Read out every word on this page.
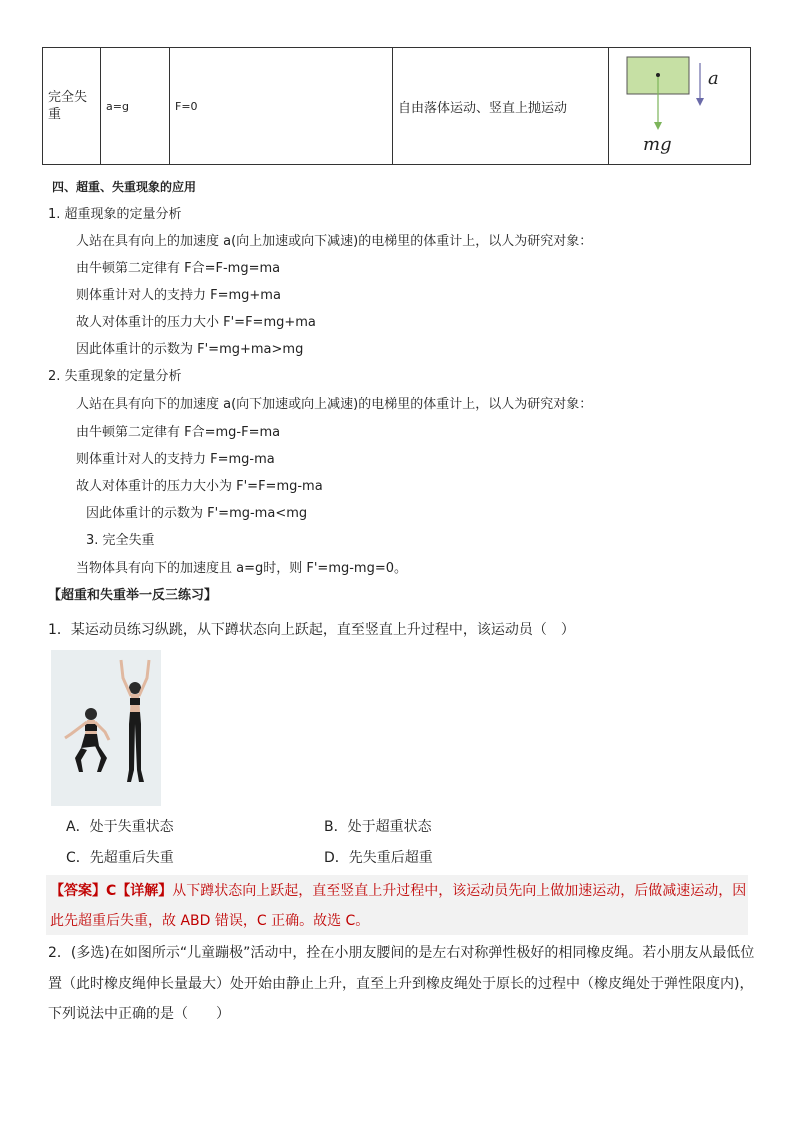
完全失重	a=g	F=0	自由落体运动、竖直上抛运动	
a
mg
四、超重、失重现象的应用
1. 超重现象的定量分析
人站在具有向上的加速度 a(向上加速或向下减速)的电梯里的体重计上，以人为研究对象：
由牛顿第二定律有 F合=F-mg=ma
则体重计对人的支持力 F=mg+ma
故人对体重计的压力大小 F'=F=mg+ma
因此体重计的示数为 F'=mg+ma>mg
2. 失重现象的定量分析
人站在具有向下的加速度 a(向下加速或向上减速)的电梯里的体重计上，以人为研究对象：
由牛顿第二定律有 F合=mg-F=ma
则体重计对人的支持力 F=mg-ma
故人对体重计的压力大小为 F'=F=mg-ma
因此体重计的示数为 F'=mg-ma<mg
3. 完全失重
当物体具有向下的加速度且 a=g时，则 F'=mg-mg=0。
【超重和失重举一反三练习】
1．某运动员练习纵跳，从下蹲状态向上跃起，直至竖直上升过程中，该运动员（　）
A．处于失重状态	B．处于超重状态
C．先超重后失重	D．先失重后超重
【答案】C【详解】从下蹲状态向上跃起，直至竖直上升过程中，该运动员先向上做加速运动，后做减速运动，因
此先超重后失重，故 ABD 错误，C 正确。故选 C。
2．(多选)在如图所示“儿童蹦极”活动中，拴在小朋友腰间的是左右对称弹性极好的相同橡皮绳。若小朋友从最低位
置（此时橡皮绳伸长量最大）处开始由静止上升，直至上升到橡皮绳处于原长的过程中（橡皮绳处于弹性限度内)，
下列说法中正确的是（　　）
